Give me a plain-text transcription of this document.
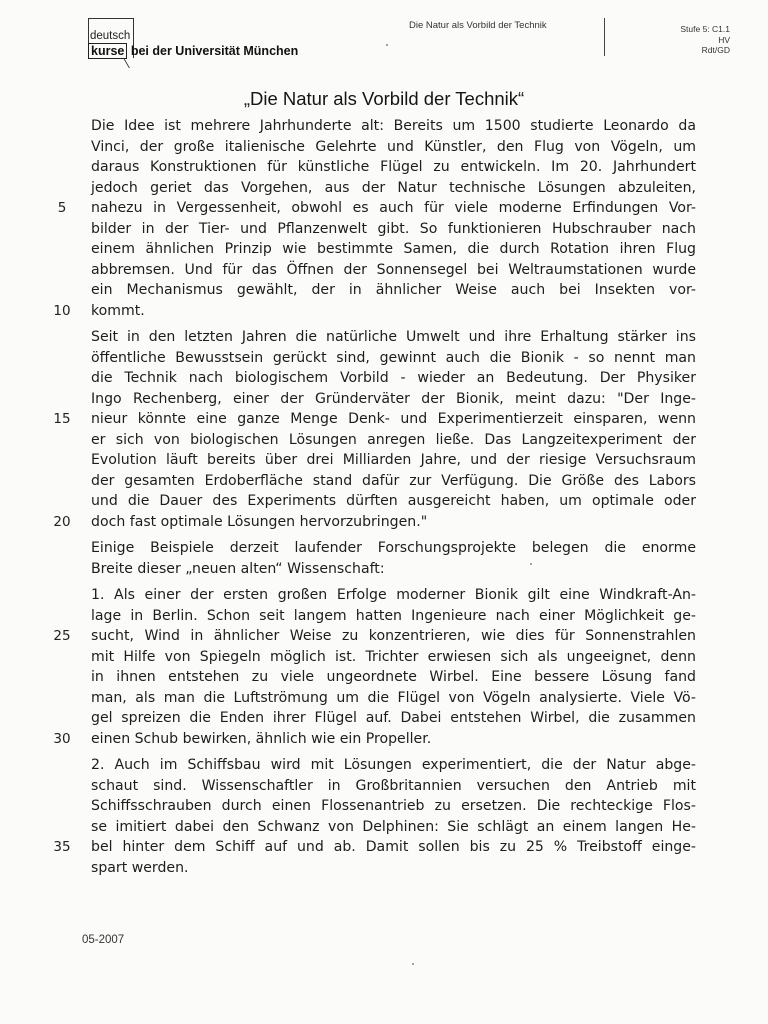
deutsch
kurse bei der Universität München
Die Natur als Vorbild der Technik	Stufe 5: C1.1
HV
Rdt/GD
„Die Natur als Vorbild der Technik“
Die Idee ist mehrere Jahrhunderte alt: Bereits um 1500 studierte Leonardo da
Vinci, der große italienische Gelehrte und Künstler, den Flug von Vögeln, um
daraus Konstruktionen für künstliche Flügel zu entwickeln. Im 20. Jahrhundert
jedoch geriet das Vorgehen, aus der Natur technische Lösungen abzuleiten,
nahezu in Vergessenheit, obwohl es auch für viele moderne Erfindungen Vor-
bilder in der Tier- und Pflanzenwelt gibt. So funktionieren Hubschrauber nach
einem ähnlichen Prinzip wie bestimmte Samen, die durch Rotation ihren Flug
abbremsen. Und für das Öffnen der Sonnensegel bei Weltraumstationen wurde
ein Mechanismus gewählt, der in ähnlicher Weise auch bei Insekten vor-
kommt.
Seit in den letzten Jahren die natürliche Umwelt und ihre Erhaltung stärker ins
öffentliche Bewusstsein gerückt sind, gewinnt auch die Bionik - so nennt man
die Technik nach biologischem Vorbild - wieder an Bedeutung. Der Physiker
Ingo Rechenberg, einer der Gründerväter der Bionik, meint dazu: "Der Inge-
nieur könnte eine ganze Menge Denk- und Experimentierzeit einsparen, wenn
er sich von biologischen Lösungen anregen ließe. Das Langzeitexperiment der
Evolution läuft bereits über drei Milliarden Jahre, und der riesige Versuchsraum
der gesamten Erdoberfläche stand dafür zur Verfügung. Die Größe des Labors
und die Dauer des Experiments dürften ausgereicht haben, um optimale oder
doch fast optimale Lösungen hervorzubringen."
Einige Beispiele derzeit laufender Forschungsprojekte belegen die enorme
Breite dieser „neuen alten“ Wissenschaft:
1. Als einer der ersten großen Erfolge moderner Bionik gilt eine Windkraft-An-
lage in Berlin. Schon seit langem hatten Ingenieure nach einer Möglichkeit ge-
sucht, Wind in ähnlicher Weise zu konzentrieren, wie dies für Sonnenstrahlen
mit Hilfe von Spiegeln möglich ist. Trichter erwiesen sich als ungeeignet, denn
in ihnen entstehen zu viele ungeordnete Wirbel. Eine bessere Lösung fand
man, als man die Luftströmung um die Flügel von Vögeln analysierte. Viele Vö-
gel spreizen die Enden ihrer Flügel auf. Dabei entstehen Wirbel, die zusammen
einen Schub bewirken, ähnlich wie ein Propeller.
2. Auch im Schiffsbau wird mit Lösungen experimentiert, die der Natur abge-
schaut sind. Wissenschaftler in Großbritannien versuchen den Antrieb mit
Schiffsschrauben durch einen Flossenantrieb zu ersetzen. Die rechteckige Flos-
se imitiert dabei den Schwanz von Delphinen: Sie schlägt an einem langen He-
bel hinter dem Schiff auf und ab. Damit sollen bis zu 25 % Treibstoff einge-
spart werden.
5
10
15
20
25
30
35
05-2007
